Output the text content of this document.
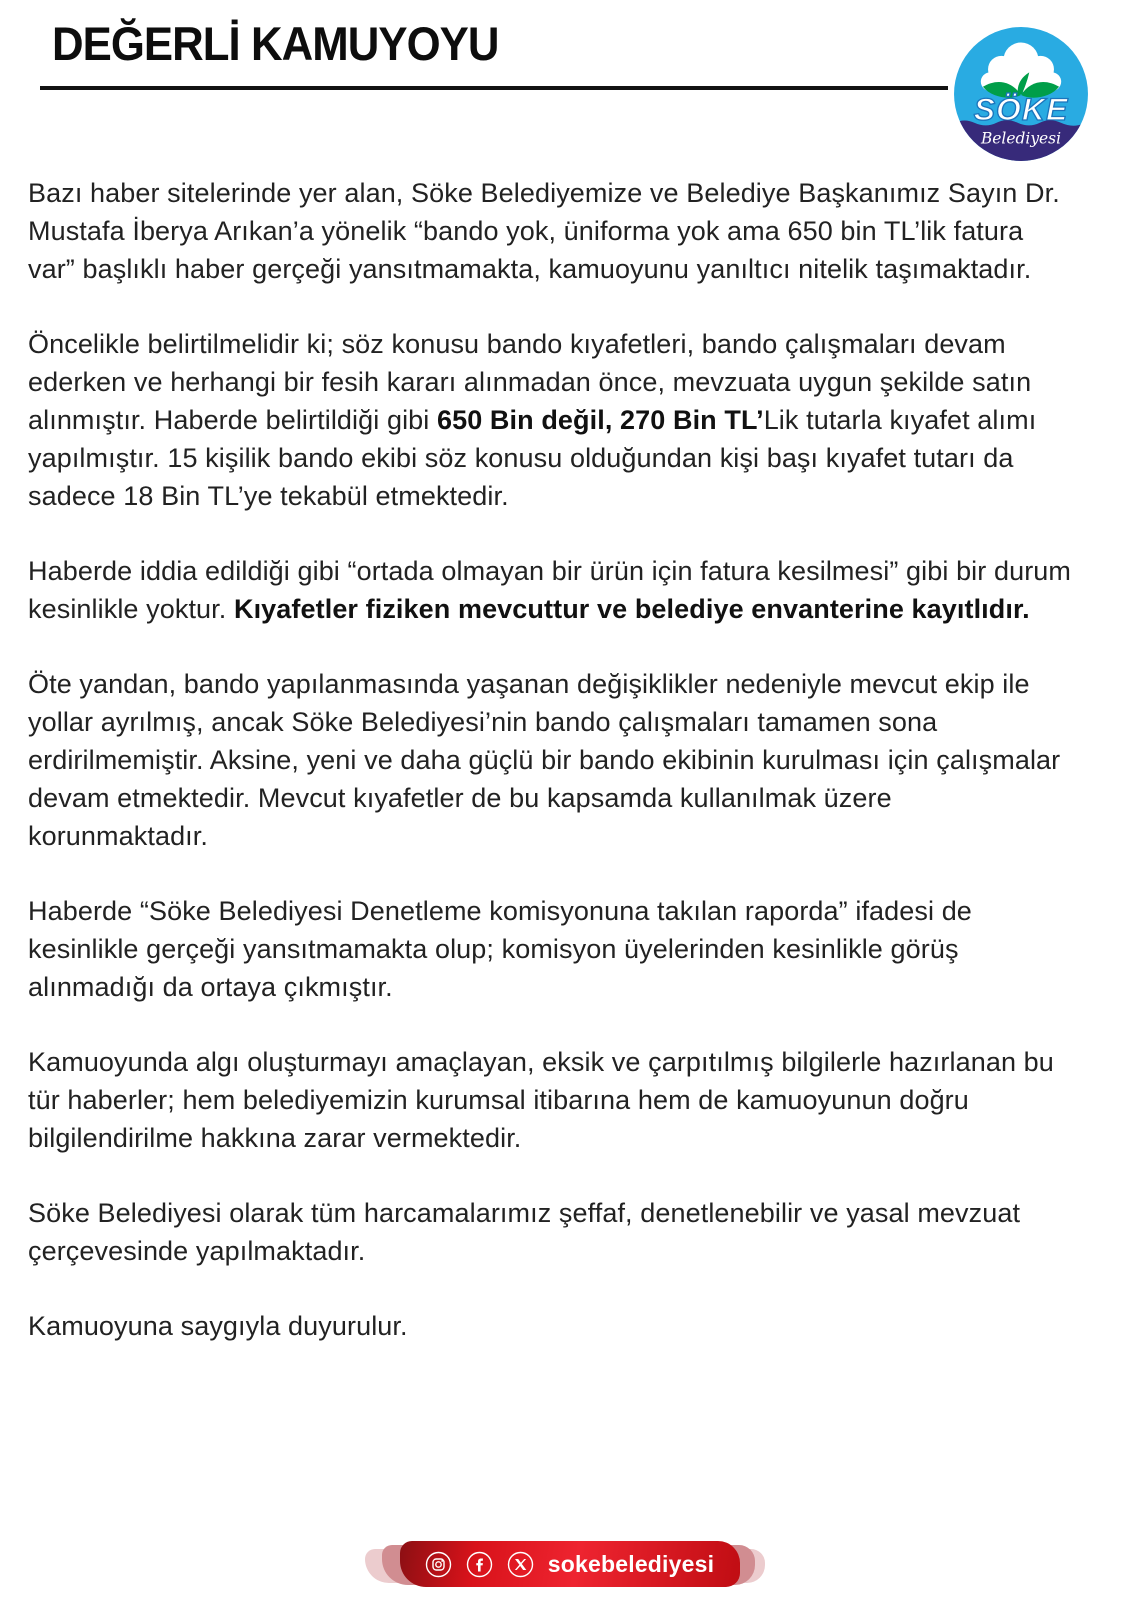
DEĞERLİ KAMUYOYU
SÖKE
Belediyesi

Bazı haber sitelerinde yer alan, Söke Belediyemize ve Belediye Başkanımız Sayın Dr. Mustafa İberya Arıkan’a yönelik “bando yok, üniforma yok ama 650 bin TL’lik fatura var” başlıklı haber gerçeği yansıtmamakta, kamuoyunu yanıltıcı nitelik taşımaktadır.

Öncelikle belirtilmelidir ki; söz konusu bando kıyafetleri, bando çalışmaları devam ederken ve herhangi bir fesih kararı alınmadan önce, mevzuata uygun şekilde satın alınmıştır. Haberde belirtildiği gibi 650 Bin değil, 270 Bin TL’Lik tutarla kıyafet alımı yapılmıştır. 15 kişilik bando ekibi söz konusu olduğundan kişi başı kıyafet tutarı da sadece 18 Bin TL’ye tekabül etmektedir.

Haberde iddia edildiği gibi “ortada olmayan bir ürün için fatura kesilmesi” gibi bir durum kesinlikle yoktur. Kıyafetler fiziken mevcuttur ve belediye envanterine kayıtlıdır.

Öte yandan, bando yapılanmasında yaşanan değişiklikler nedeniyle mevcut ekip ile yollar ayrılmış, ancak Söke Belediyesi’nin bando çalışmaları tamamen sona erdirilmemiştir. Aksine, yeni ve daha güçlü bir bando ekibinin kurulması için çalışmalar devam etmektedir. Mevcut kıyafetler de bu kapsamda kullanılmak üzere korunmaktadır.

Haberde “Söke Belediyesi Denetleme komisyonuna takılan raporda” ifadesi de kesinlikle gerçeği yansıtmamakta olup; komisyon üyelerinden kesinlikle görüş alınmadığı da ortaya çıkmıştır.

Kamuoyunda algı oluşturmayı amaçlayan, eksik ve çarpıtılmış bilgilerle hazırlanan bu tür haberler; hem belediyemizin kurumsal itibarına hem de kamuoyunun doğru bilgilendirilme hakkına zarar vermektedir.

Söke Belediyesi olarak tüm harcamalarımız şeffaf, denetlenebilir ve yasal mevzuat çerçevesinde yapılmaktadır.

Kamuoyuna saygıyla duyurulur.

sokebelediyesi
